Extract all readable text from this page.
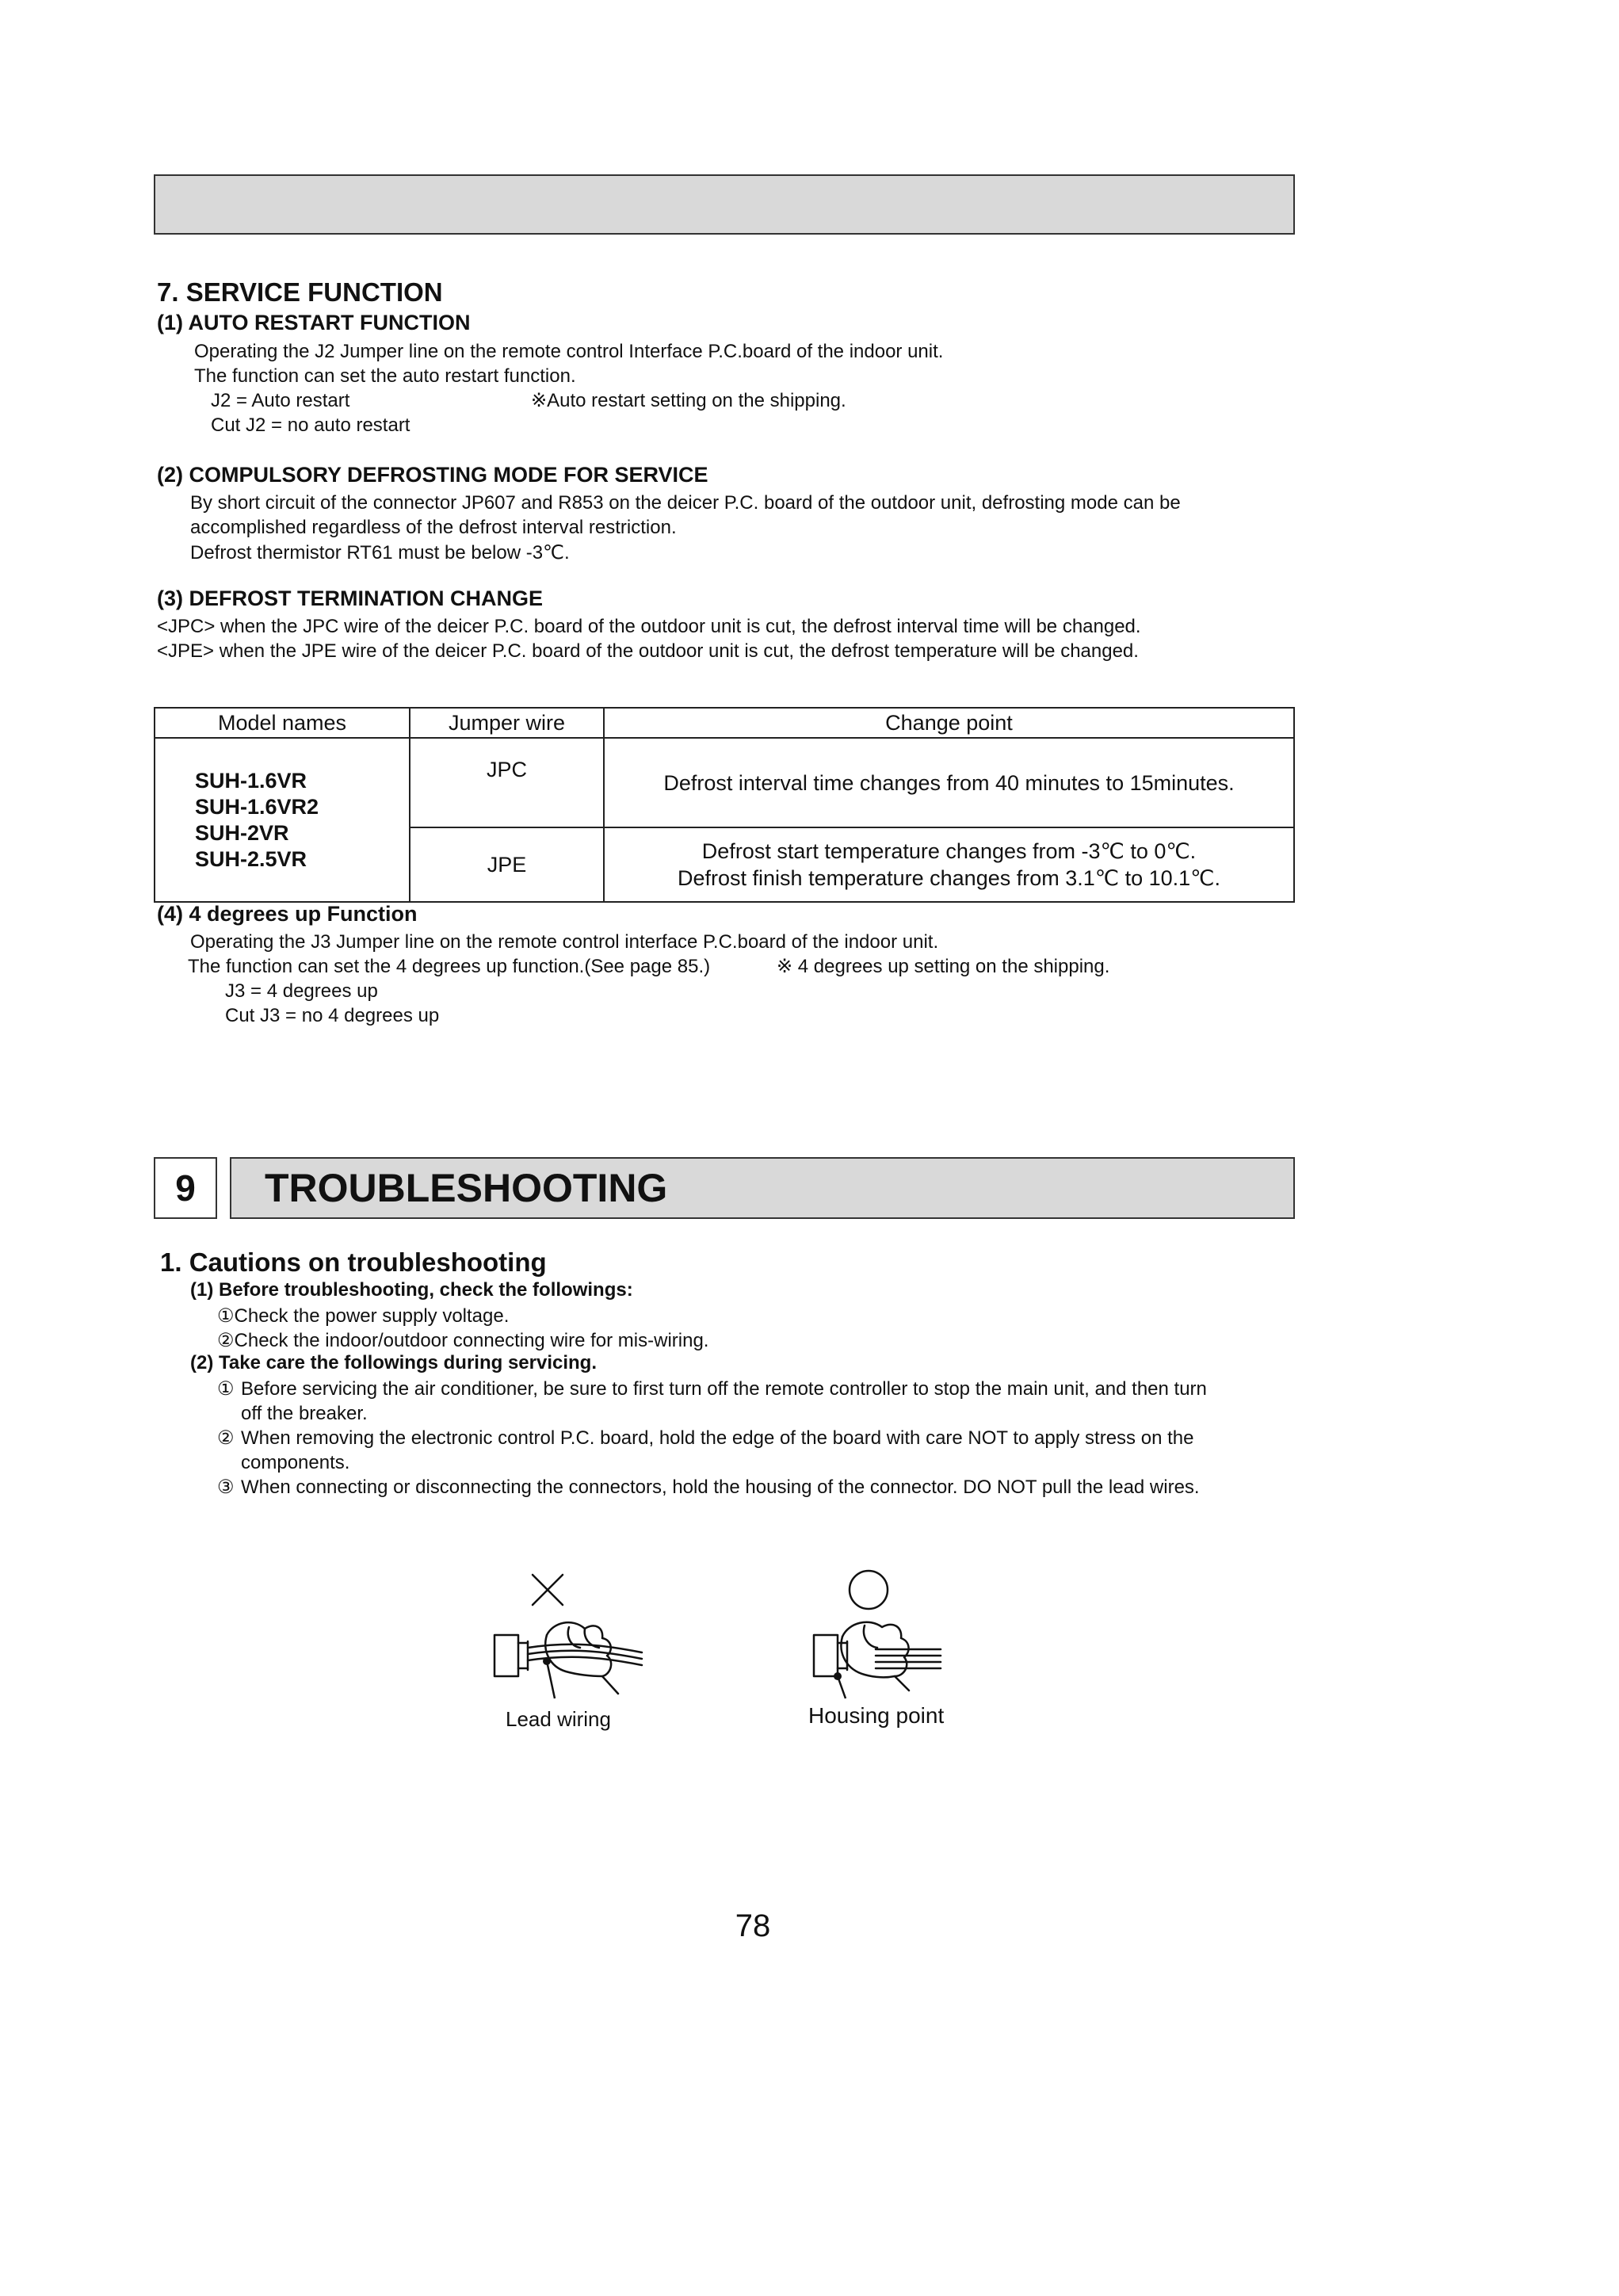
7. SERVICE FUNCTION
(1) AUTO RESTART FUNCTION
Operating the J2 Jumper line on the remote control Interface P.C.board of the indoor unit.
The function can set the auto restart function.
J2 = Auto restart	※Auto restart setting on the shipping.
Cut J2 = no auto restart
(2) COMPULSORY DEFROSTING MODE FOR SERVICE
By short circuit of the connector JP607 and R853 on the deicer P.C. board of the outdoor unit, defrosting mode can be
accomplished regardless of the defrost interval restriction.
Defrost thermistor RT61 must be below -3℃.
(3) DEFROST TERMINATION CHANGE
<JPC> when the JPC wire of the deicer P.C. board of the outdoor unit is cut, the defrost interval time will be changed.
<JPE> when the JPE wire of the deicer P.C. board of the outdoor unit is cut, the defrost temperature will be changed.
Model names	Jumper wire	Change point

SUH-1.6VR
SUH-1.6VR2
SUH-2VR
SUH-2.5VR	JPC	Defrost interval time changes from 40 minutes to 15minutes.

	JPE	Defrost start temperature changes from -3℃ to 0℃.
Defrost finish temperature changes from 3.1℃ to 10.1℃.
(4) 4 degrees up Function
Operating the J3 Jumper line on the remote control interface P.C.board of the indoor unit.
The function can set the 4 degrees up function.(See page 85.)	※ 4 degrees up setting on the shipping.
J3 = 4 degrees up
Cut J3 = no 4 degrees up
9	TROUBLESHOOTING
1. Cautions on troubleshooting
(1) Before troubleshooting, check the followings:
①Check the power supply voltage.
②Check the indoor/outdoor connecting wire for mis-wiring.
(2) Take care the followings during servicing.
① Before servicing the air conditioner, be sure to first turn off the remote controller to stop the main unit, and then turn
off the breaker.
② When removing the electronic control P.C. board, hold the edge of the board with care NOT to apply stress on the
components.
③ When connecting or disconnecting the connectors, hold the housing of the connector. DO NOT pull the lead wires.
Lead wiring	Housing point
78
